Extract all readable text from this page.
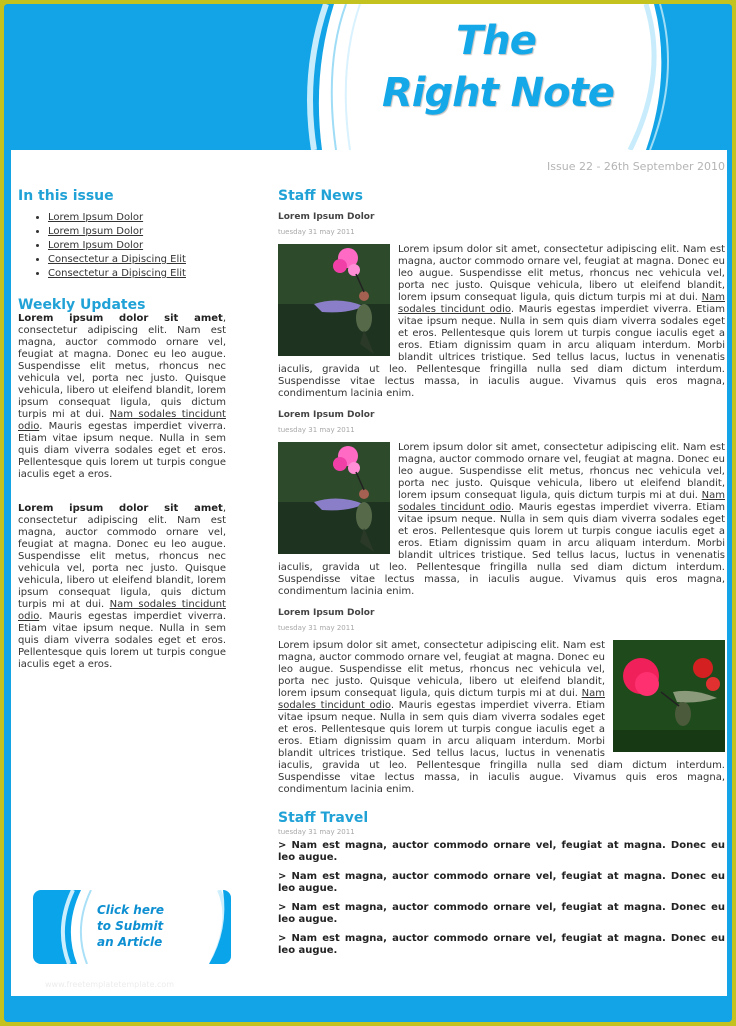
The
Right Note
Issue 22 - 26th September 2010
In this issue
• Lorem Ipsum Dolor
• Lorem Ipsum Dolor
• Lorem Ipsum Dolor
• Consectetur a Dipiscing Elit
• Consectetur a Dipiscing Elit
Weekly Updates

Lorem ipsum dolor sit amet, consectetur adipiscing elit. Nam est magna, auctor commodo ornare vel, feugiat at magna. Donec eu leo augue. Suspendisse elit metus, rhoncus nec vehicula vel, porta nec justo. Quisque vehicula, libero ut eleifend blandit, lorem ipsum consequat ligula, quis dictum turpis mi at dui. Nam sodales tincidunt odio. Mauris egestas imperdiet viverra. Etiam vitae ipsum neque. Nulla in sem quis diam viverra sodales eget et eros. Pellentesque quis lorem ut turpis congue iaculis eget a eros.

Lorem ipsum dolor sit amet, consectetur adipiscing elit. Nam est magna, auctor commodo ornare vel, feugiat at magna. Donec eu leo augue. Suspendisse elit metus, rhoncus nec vehicula vel, porta nec justo. Quisque vehicula, libero ut eleifend blandit, lorem ipsum consequat ligula, quis dictum turpis mi at dui. Nam sodales tincidunt odio. Mauris egestas imperdiet viverra. Etiam vitae ipsum neque. Nulla in sem quis diam viverra sodales eget et eros. Pellentesque quis lorem ut turpis congue iaculis eget a eros.

Click here
to Submit
an Article
www.freetemplatetemplate.com
Staff News
Lorem Ipsum Dolor
tuesday 31 may 2011
Lorem ipsum dolor sit amet, consectetur adipiscing elit. Nam est magna, auctor commodo ornare vel, feugiat at magna. Donec eu leo augue. Suspendisse elit metus, rhoncus nec vehicula vel, porta nec justo. Quisque vehicula, libero ut eleifend blandit, lorem ipsum consequat ligula, quis dictum turpis mi at dui. Nam sodales tincidunt odio. Mauris egestas imperdiet viverra. Etiam vitae ipsum neque. Nulla in sem quis diam viverra sodales eget et eros. Pellentesque quis lorem ut turpis congue iaculis eget a eros. Etiam dignissim quam in arcu aliquam interdum. Morbi blandit ultrices tristique. Sed tellus lacus, luctus in venenatis iaculis, gravida ut leo. Pellentesque fringilla nulla sed diam dictum interdum. Suspendisse vitae lectus massa, in iaculis augue. Vivamus quis eros magna, condimentum lacinia enim.
Lorem Ipsum Dolor
tuesday 31 may 2011
Lorem ipsum dolor sit amet, consectetur adipiscing elit. Nam est magna, auctor commodo ornare vel, feugiat at magna. Donec eu leo augue. Suspendisse elit metus, rhoncus nec vehicula vel, porta nec justo. Quisque vehicula, libero ut eleifend blandit, lorem ipsum consequat ligula, quis dictum turpis mi at dui. Nam sodales tincidunt odio. Mauris egestas imperdiet viverra. Etiam vitae ipsum neque. Nulla in sem quis diam viverra sodales eget et eros. Pellentesque quis lorem ut turpis congue iaculis eget a eros. Etiam dignissim quam in arcu aliquam interdum. Morbi blandit ultrices tristique. Sed tellus lacus, luctus in venenatis iaculis, gravida ut leo. Pellentesque fringilla nulla sed diam dictum interdum. Suspendisse vitae lectus massa, in iaculis augue. Vivamus quis eros magna, condimentum lacinia enim.
Lorem Ipsum Dolor
tuesday 31 may 2011
Lorem ipsum dolor sit amet, consectetur adipiscing elit. Nam est magna, auctor commodo ornare vel, feugiat at magna. Donec eu leo augue. Suspendisse elit metus, rhoncus nec vehicula vel, porta nec justo. Quisque vehicula, libero ut eleifend blandit, lorem ipsum consequat ligula, quis dictum turpis mi at dui. Nam sodales tincidunt odio. Mauris egestas imperdiet viverra. Etiam vitae ipsum neque. Nulla in sem quis diam viverra sodales eget et eros. Pellentesque quis lorem ut turpis congue iaculis eget a eros. Etiam dignissim quam in arcu aliquam interdum. Morbi blandit ultrices tristique. Sed tellus lacus, luctus in venenatis iaculis, gravida ut leo. Pellentesque fringilla nulla sed diam dictum interdum. Suspendisse vitae lectus massa, in iaculis augue. Vivamus quis eros magna, condimentum lacinia enim.
Staff Travel
tuesday 31 may 2011
> Nam est magna, auctor commodo ornare vel, feugiat at magna. Donec eu leo augue.
> Nam est magna, auctor commodo ornare vel, feugiat at magna. Donec eu leo augue.
> Nam est magna, auctor commodo ornare vel, feugiat at magna. Donec eu leo augue.
> Nam est magna, auctor commodo ornare vel, feugiat at magna. Donec eu leo augue.
